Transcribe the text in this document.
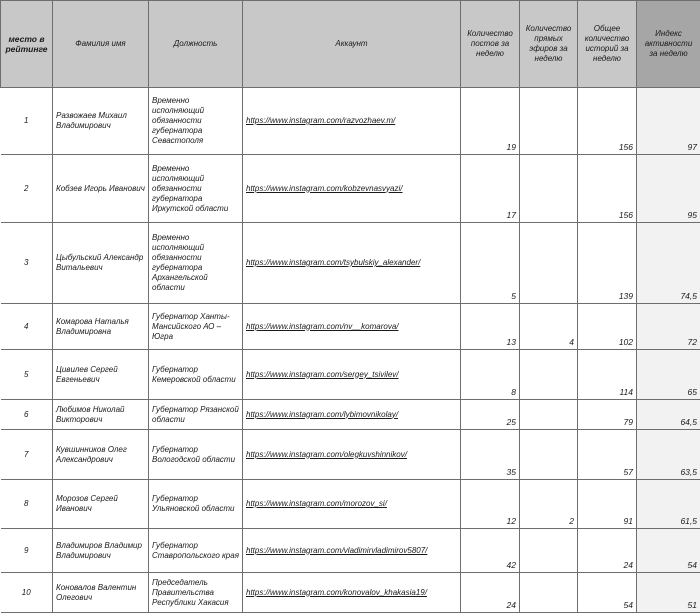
место в рейтинге	Фамилия имя	Должность	Аккаунт	Количество постов за неделю	Количество прямых эфиров за неделю	Общее количество историй за неделю	Индекс активности за неделю
1	Развожаев Михаил Владимирович	Временно исполняющий обязанности губернатора Севастополя	https://www.instagram.com/razvozhaev.m/	19		156	97
2	Кобзев Игорь Иванович	Временно исполняющий обязанности губернатора Иркутской области	https://www.instagram.com/kobzevnasvyazi/	17		156	95
3	Цыбульский Александр Витальевич	Временно исполняющий обязанности губернатора Архангельской области	https://www.instagram.com/tsybulskiy_alexander/	5		139	74,5
4	Комарова Наталья Владимировна	Губернатор Ханты-Мансийского АО – Югра	https://www.instagram.com/nv__komarova/	13	4	102	72
5	Цивилев Сергей Евгеньевич	Губернатор Кемеровской области	https://www.instagram.com/sergey_tsivilev/	8		114	65
6	Любимов Николай Викторович	Губернатор Рязанской области	https://www.instagram.com/lybimovnikolay/	25		79	64,5
7	Кувшинников Олег Александрович	Губернатор Вологодской области	https://www.instagram.com/olegkuvshinnikov/	35		57	63,5
8	Морозов Сергей Иванович	Губернатор Ульяновской области	https://www.instagram.com/morozov_si/	12	2	91	61,5
9	Владимиров Владимир Владимирович	Губернатор Ставропольского края	https://www.instagram.com/vladimirvladimirov5807/	42		24	54
10	Коновалов Валентин Олегович	Председатель Правительства Республики Хакасия	https://www.instagram.com/konovalov_khakasia19/	24		54	51
